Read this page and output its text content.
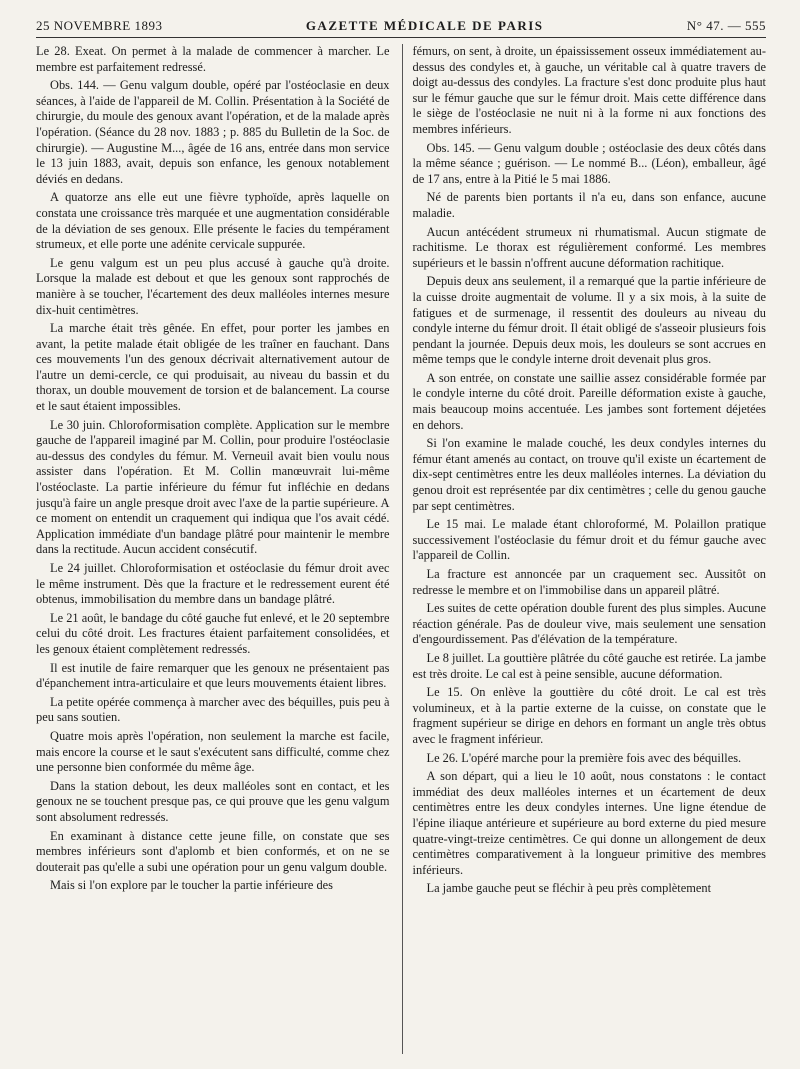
25 NOVEMBRE 1893	GAZETTE MÉDICALE DE PARIS	N° 47. — 555

Le 28. Exeat. On permet à la malade de commencer à marcher. Le membre est parfaitement redressé.

Obs. 144. — Genu valgum double, opéré par l'ostéoclasie en deux séances, à l'aide de l'appareil de M. Collin. Présentation à la Société de chirurgie, du moule des genoux avant l'opération, et de la malade après l'opération. (Séance du 28 nov. 1883 ; p. 885 du Bulletin de la Soc. de chirurgie). — Augustine M..., âgée de 16 ans, entrée dans mon service le 13 juin 1883, avait, depuis son enfance, les genoux notablement déviés en dedans.

A quatorze ans elle eut une fièvre typhoïde, après laquelle on constata une croissance très marquée et une augmentation considérable de la déviation de ses genoux. Elle présente le facies du tempérament strumeux, et elle porte une adénite cervicale suppurée.

Le genu valgum est un peu plus accusé à gauche qu'à droite. Lorsque la malade est debout et que les genoux sont rapprochés de manière à se toucher, l'écartement des deux malléoles internes mesure dix-huit centimètres.

La marche était très gênée. En effet, pour porter les jambes en avant, la petite malade était obligée de les traîner en fauchant. Dans ces mouvements l'un des genoux décrivait alternativement autour de l'autre un demi-cercle, ce qui produisait, au niveau du bassin et du thorax, un double mouvement de torsion et de balancement. La course et le saut étaient impossibles.

Le 30 juin. Chloroformisation complète. Application sur le membre gauche de l'appareil imaginé par M. Collin, pour produire l'ostéoclasie au-dessus des condyles du fémur. M. Verneuil avait bien voulu nous assister dans l'opération. Et M. Collin manœuvrait lui-même l'ostéoclaste. La partie inférieure du fémur fut infléchie en dedans jusqu'à faire un angle presque droit avec l'axe de la partie supérieure. A ce moment on entendit un craquement qui indiqua que l'os avait cédé. Application immédiate d'un bandage plâtré pour maintenir le membre dans la rectitude. Aucun accident consécutif.

Le 24 juillet. Chloroformisation et ostéoclasie du fémur droit avec le même instrument. Dès que la fracture et le redressement eurent été obtenus, immobilisation du membre dans un bandage plâtré.

Le 21 août, le bandage du côté gauche fut enlevé, et le 20 septembre celui du côté droit. Les fractures étaient parfaitement consolidées, et les genoux étaient complètement redressés.

Il est inutile de faire remarquer que les genoux ne présentaient pas d'épanchement intra-articulaire et que leurs mouvements étaient libres.

La petite opérée commença à marcher avec des béquilles, puis peu à peu sans soutien.

Quatre mois après l'opération, non seulement la marche est facile, mais encore la course et le saut s'exécutent sans difficulté, comme chez une personne bien conformée du même âge.

Dans la station debout, les deux malléoles sont en contact, et les genoux ne se touchent presque pas, ce qui prouve que les genu valgum sont absolument redressés.

En examinant à distance cette jeune fille, on constate que ses membres inférieurs sont d'aplomb et bien conformés, et on ne se douterait pas qu'elle a subi une opération pour un genu valgum double.

Mais si l'on explore par le toucher la partie inférieure des

fémurs, on sent, à droite, un épaississement osseux immédiatement au-dessus des condyles et, à gauche, un véritable cal à quatre travers de doigt au-dessus des condyles. La fracture s'est donc produite plus haut sur le fémur gauche que sur le fémur droit. Mais cette différence dans le siège de l'ostéoclasie ne nuit ni à la forme ni aux fonctions des membres inférieurs.

Obs. 145. — Genu valgum double ; ostéoclasie des deux côtés dans la même séance ; guérison. — Le nommé B... (Léon), emballeur, âgé de 17 ans, entre à la Pitié le 5 mai 1886.

Né de parents bien portants il n'a eu, dans son enfance, aucune maladie.

Aucun antécédent strumeux ni rhumatismal. Aucun stigmate de rachitisme. Le thorax est régulièrement conformé. Les membres supérieurs et le bassin n'offrent aucune déformation rachitique.

Depuis deux ans seulement, il a remarqué que la partie inférieure de la cuisse droite augmentait de volume. Il y a six mois, à la suite de fatigues et de surmenage, il ressentit des douleurs au niveau du condyle interne du fémur droit. Il était obligé de s'asseoir plusieurs fois pendant la journée. Depuis deux mois, les douleurs se sont accrues en même temps que le condyle interne droit devenait plus gros.

A son entrée, on constate une saillie assez considérable formée par le condyle interne du côté droit. Pareille déformation existe à gauche, mais beaucoup moins accentuée. Les jambes sont fortement déjetées en dehors.

Si l'on examine le malade couché, les deux condyles internes du fémur étant amenés au contact, on trouve qu'il existe un écartement de dix-sept centimètres entre les deux malléoles internes. La déviation du genou droit est représentée par dix centimètres ; celle du genou gauche par sept centimètres.

Le 15 mai. Le malade étant chloroformé, M. Polaillon pratique successivement l'ostéoclasie du fémur droit et du fémur gauche avec l'appareil de Collin.

La fracture est annoncée par un craquement sec. Aussitôt on redresse le membre et on l'immobilise dans un appareil plâtré.

Les suites de cette opération double furent des plus simples. Aucune réaction générale. Pas de douleur vive, mais seulement une sensation d'engourdissement. Pas d'élévation de la température.

Le 8 juillet. La gouttière plâtrée du côté gauche est retirée. La jambe est très droite. Le cal est à peine sensible, aucune déformation.

Le 15. On enlève la gouttière du côté droit. Le cal est très volumineux, et à la partie externe de la cuisse, on constate que le fragment supérieur se dirige en dehors en formant un angle très obtus avec le fragment inférieur.

Le 26. L'opéré marche pour la première fois avec des béquilles.

A son départ, qui a lieu le 10 août, nous constatons : le contact immédiat des deux malléoles internes et un écartement de deux centimètres entre les deux condyles internes. Une ligne étendue de l'épine iliaque antérieure et supérieure au bord externe du pied mesure quatre-vingt-treize centimètres. Ce qui donne un allongement de deux centimètres comparativement à la longueur primitive des membres inférieurs.

La jambe gauche peut se fléchir à peu près complètement
